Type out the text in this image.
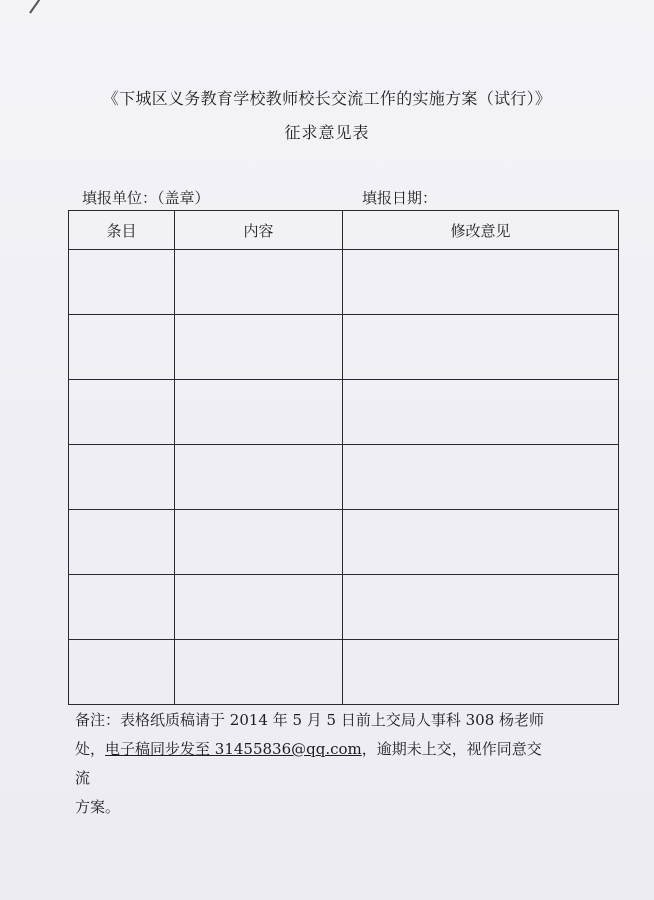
《下城区义务教育学校教师校长交流工作的实施方案（试行）》
征求意见表
填报单位：（盖章）	填报日期：
条目	内容	修改意见

备注：表格纸质稿请于 2014 年 5 月 5 日前上交局人事科 308 杨老师
处，电子稿同步发至 31455836@qq.com，逾期未上交，视作同意交流
方案。
